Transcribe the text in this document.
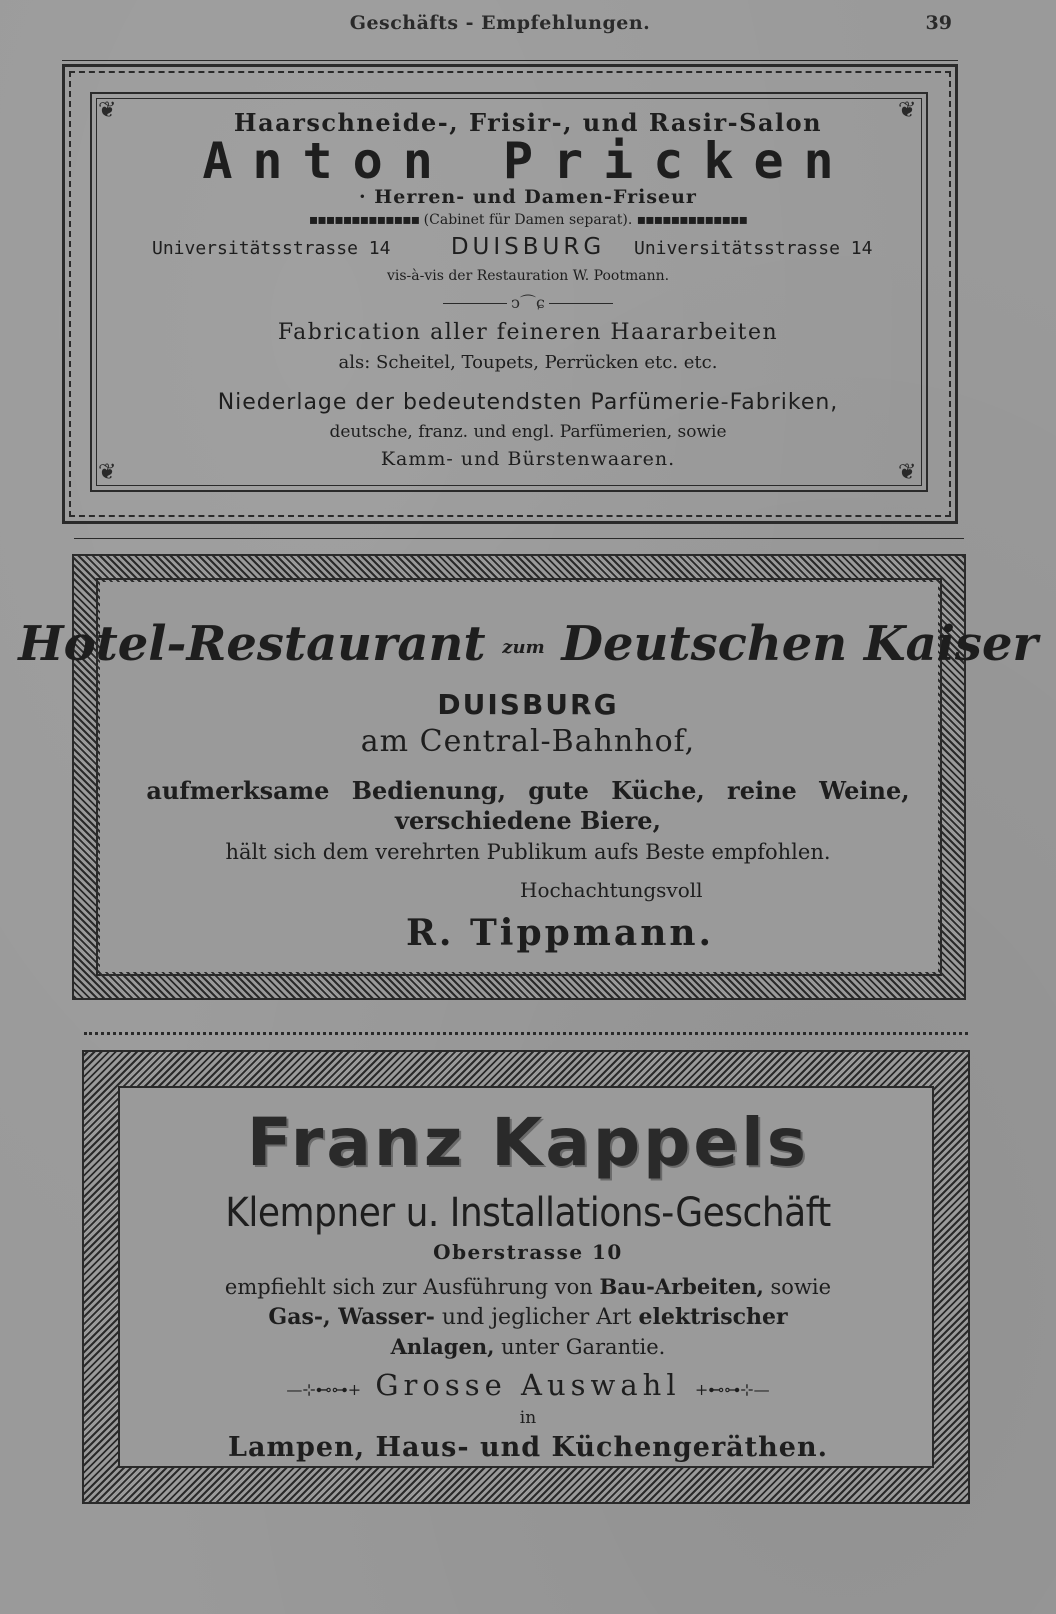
Geschäfts - Empfehlungen.	39
❦	❦
❦	❦
Haarschneide-, Frisir-, und Rasir-Salon
Anton Pricken
· Herren- und Damen-Friseur
▪▪▪▪▪▪▪▪▪▪▪▪▪ (Cabinet für Damen separat). ▪▪▪▪▪▪▪▪▪▪▪▪▪
Universitätsstrasse 14	DUISBURG	Universitätsstrasse 14
vis-à-vis der Restauration W. Pootmann.
ↄ⌒ɕ
Fabrication aller feineren Haararbeiten
als: Scheitel, Toupets, Perrücken etc. etc.
Niederlage der bedeutendsten Parfümerie-Fabriken,
deutsche, franz. und engl. Parfümerien, sowie
Kamm- und Bürstenwaaren.
Hotel-Restaurant zum Deutschen Kaiser
DUISBURG
am Central-Bahnhof,
aufmerksame Bedienung, gute Küche, reine Weine,
verschiedene Biere,
hält sich dem verehrten Publikum aufs Beste empfohlen.
Hochachtungsvoll
R. Tippmann.
Franz Kappels
Klempner u. Installations-Geschäft
Oberstrasse 10
empfiehlt sich zur Ausführung von Bau-Arbeiten, sowie
Gas-, Wasser- und jeglicher Art elektrischer
Anlagen, unter Garantie.
—⊹⊷⊶+ Grosse Auswahl +⊷⊶⊹—
in
Lampen, Haus- und Küchengeräthen.
